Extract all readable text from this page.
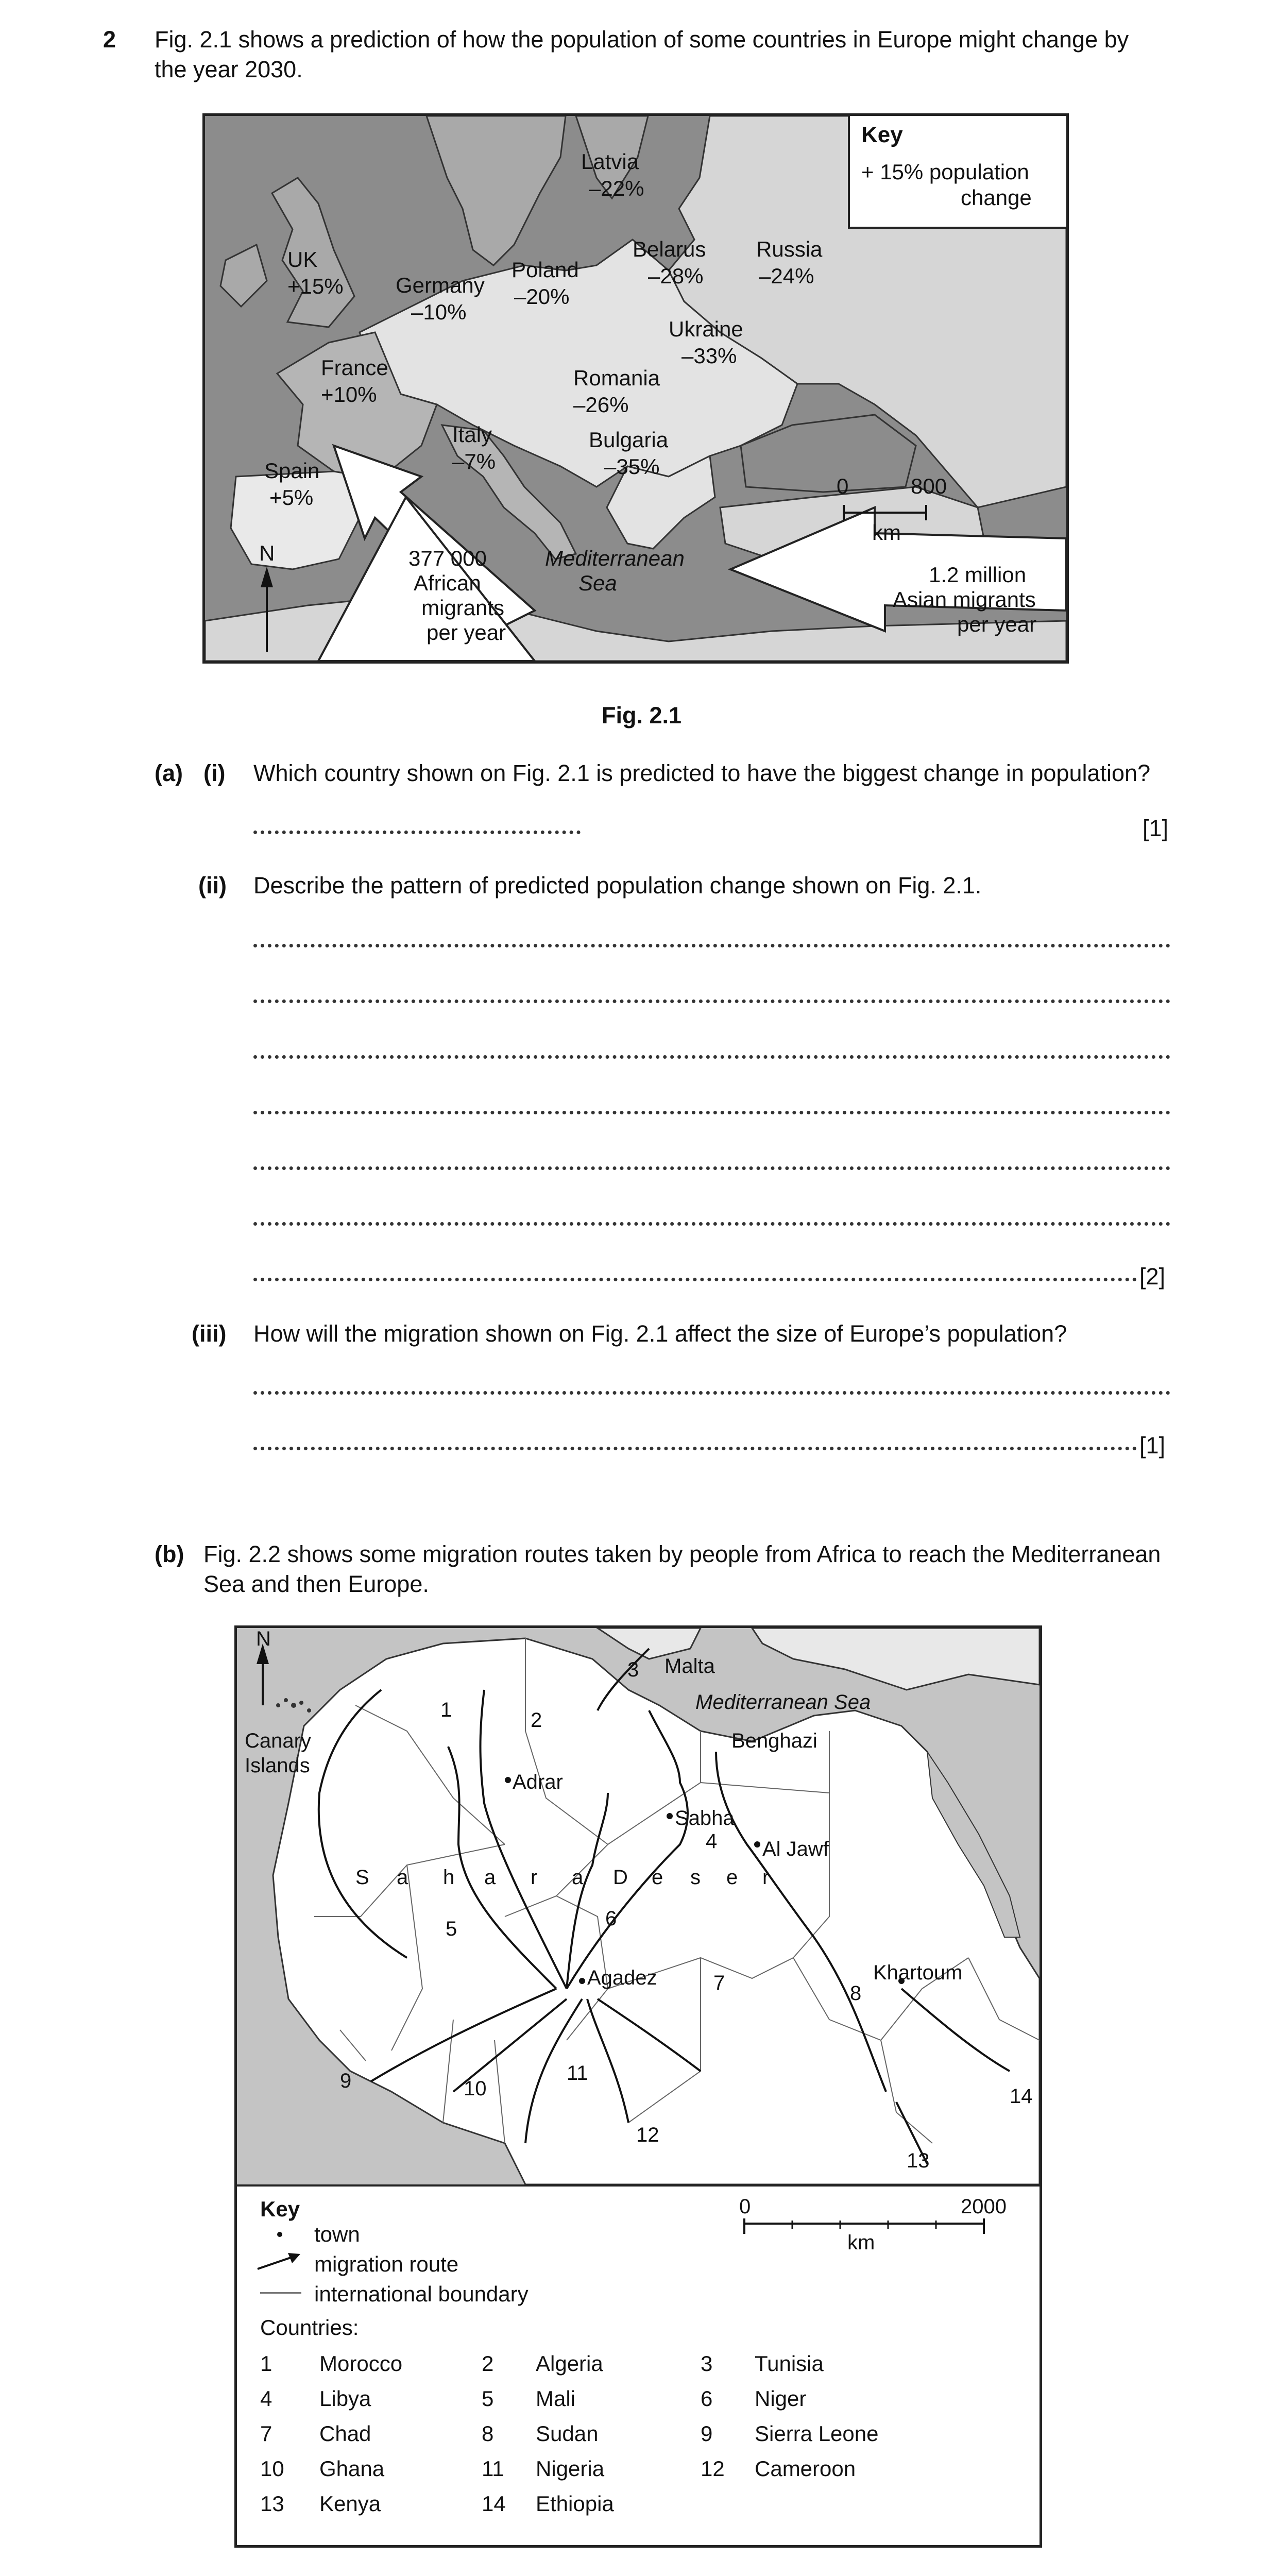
2 Fig. 2.1 shows a prediction of how the population of some countries in Europe might change by
the year 2030.
Key
+ 15% population
change
Latvia
–22%
UK
+15% Germany
–10%
Poland
–20%
Belarus
–28%
Russia
–24%
Ukraine
–33%
France
+10%
Romania
–26%
Italy
–7%
Bulgaria
–35%
Spain
+5%
Mediterranean
Sea
377 000
African
migrants
per year
1.2 million
Asian migrants
per year
0	800
km
N
Fig. 2.1
(a) (i) Which country shown on Fig. 2.1 is predicted to have the biggest change in population?
[1]
(ii) Describe the pattern of predicted population change shown on Fig. 2.1.
[2]
(iii) How will the migration shown on Fig. 2.1 affect the size of Europe’s population?
[1]
(b) Fig. 2.2 shows some migration routes taken by people from Africa to reach the Mediterranean
Sea and then Europe.
N
Canary
Islands
Malta
Mediterranean Sea
Benghazi
Adrar
Sabha
Al Jawf
Agadez	Khartoum
S a h a r a D e s e r
1	2
3
4
5	6
7	8
9	10
11
12
13
14
Key
town
migration route
international boundary
0	2000
km
Countries:
1 Morocco	2 Algeria	3 Tunisia
4 Libya	5 Mali	6 Niger
7 Chad	8 Sudan	9 Sierra Leone
10 Ghana	11 Nigeria	12 Cameroon
13 Kenya	14 Ethiopia
